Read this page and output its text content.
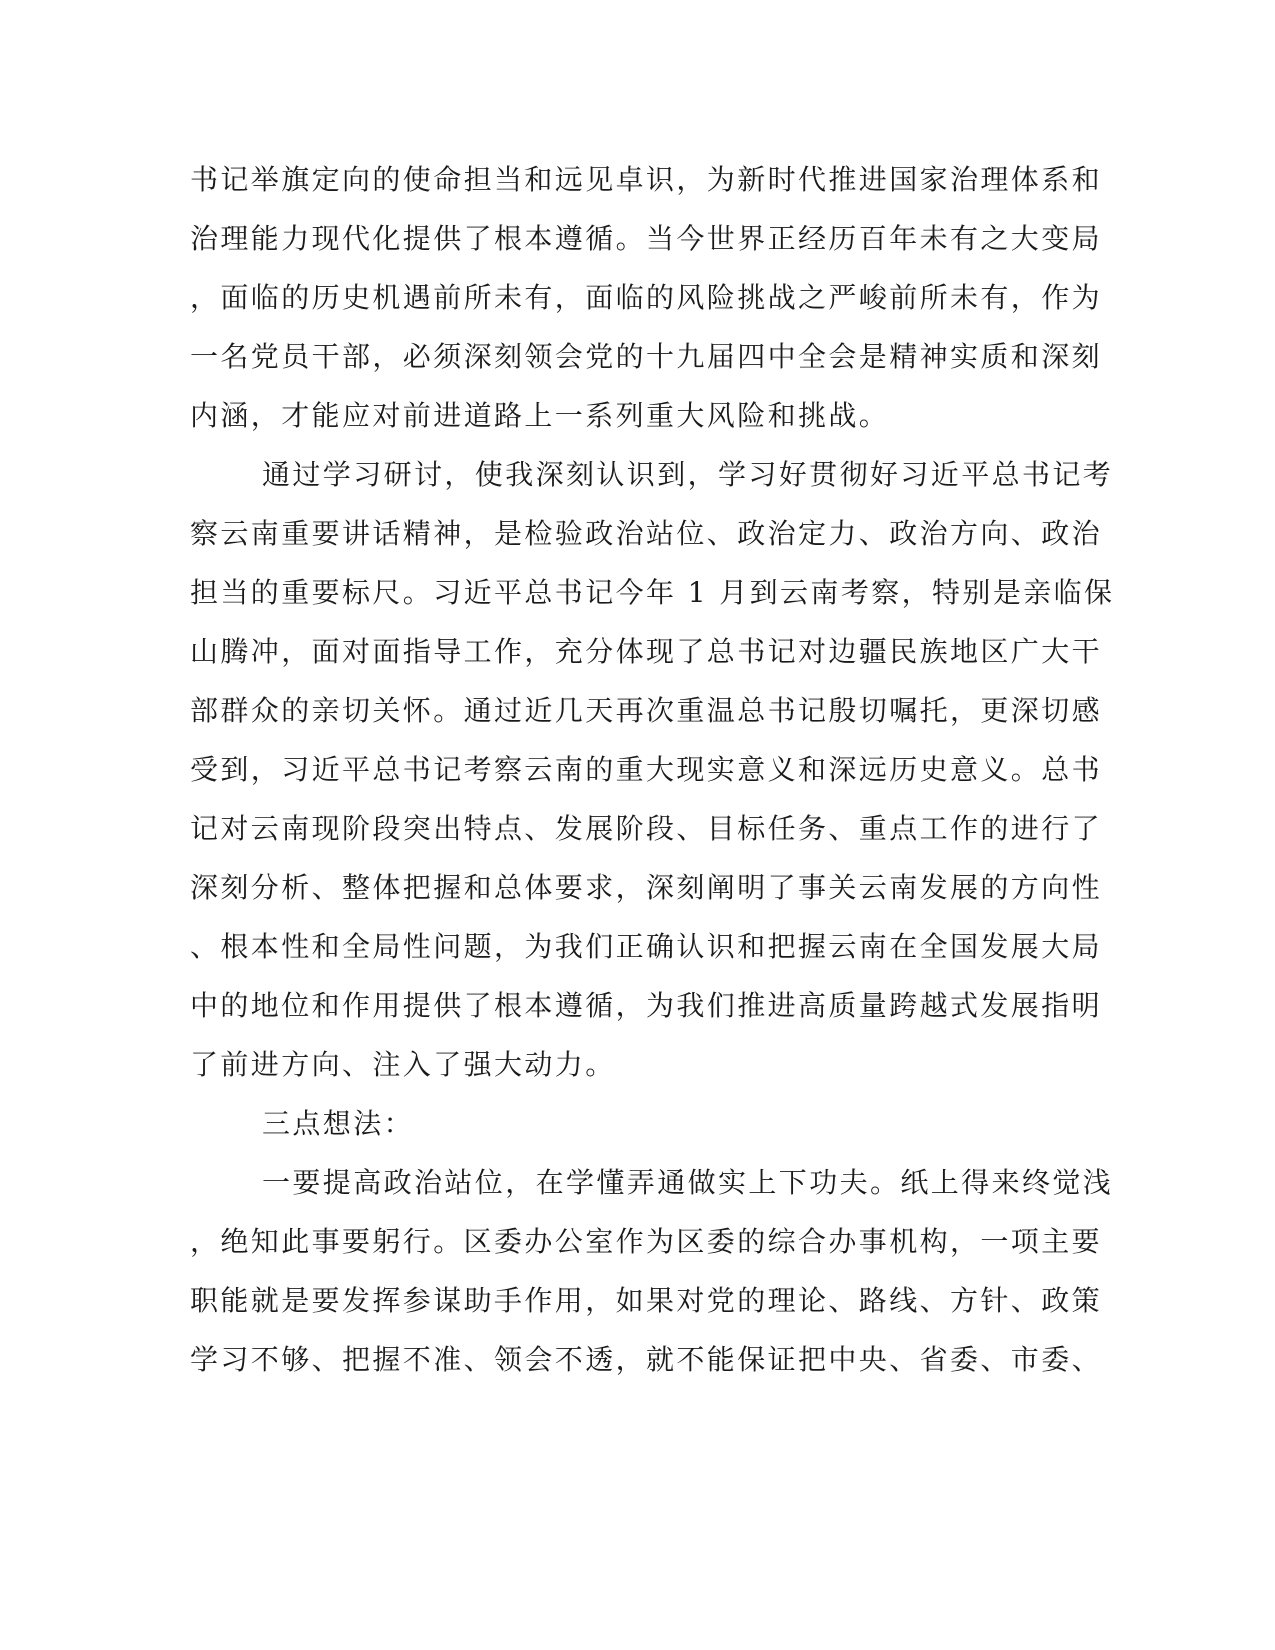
书记举旗定向的使命担当和远见卓识，为新时代推进国家治理体系和
治理能力现代化提供了根本遵循。当今世界正经历百年未有之大变局
，面临的历史机遇前所未有，面临的风险挑战之严峻前所未有，作为
一名党员干部，必须深刻领会党的十九届四中全会是精神实质和深刻
内涵，才能应对前进道路上一系列重大风险和挑战。
通过学习研讨，使我深刻认识到，学习好贯彻好习近平总书记考
察云南重要讲话精神，是检验政治站位、政治定力、政治方向、政治
担当的重要标尺。习近平总书记今年 1 月到云南考察，特别是亲临保
山腾冲，面对面指导工作，充分体现了总书记对边疆民族地区广大干
部群众的亲切关怀。通过近几天再次重温总书记殷切嘱托，更深切感
受到，习近平总书记考察云南的重大现实意义和深远历史意义。总书
记对云南现阶段突出特点、发展阶段、目标任务、重点工作的进行了
深刻分析、整体把握和总体要求，深刻阐明了事关云南发展的方向性
、根本性和全局性问题，为我们正确认识和把握云南在全国发展大局
中的地位和作用提供了根本遵循，为我们推进高质量跨越式发展指明
了前进方向、注入了强大动力。
三点想法：
一要提高政治站位，在学懂弄通做实上下功夫。纸上得来终觉浅
，绝知此事要躬行。区委办公室作为区委的综合办事机构，一项主要
职能就是要发挥参谋助手作用，如果对党的理论、路线、方针、政策
学习不够、把握不准、领会不透，就不能保证把中央、省委、市委、
